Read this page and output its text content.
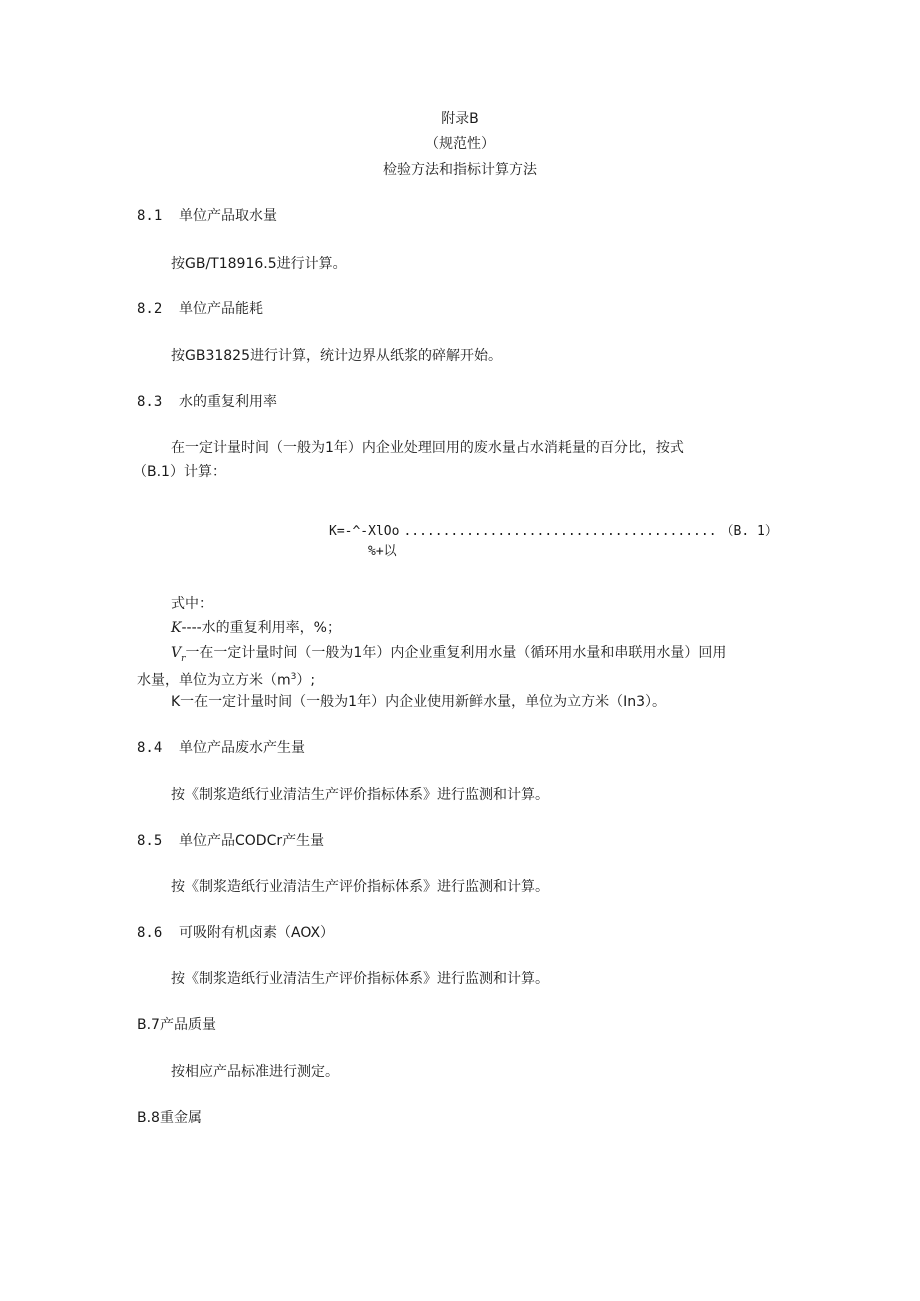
附录B
（规范性）
检验方法和指标计算方法
8.1 单位产品取水量
按GB/T18916.5进行计算。
8.2 单位产品能耗
按GB31825进行计算，统计边界从纸浆的碎解开始。
8.3 水的重复利用率
在一定计量时间（一般为1年）内企业处理回用的废水量占水消耗量的百分比，按式
（B.1）计算：
K=-^-XlOo ........................................ （B. 1）
%+以
式中：
K----水的重复利用率，%；
$V_r$一在一定计量时间（一般为1年）内企业重复利用水量（循环用水量和串联用水量）回用
水量，单位为立方米$(m^3)$;
K一在一定计量时间（一般为1年）内企业使用新鲜水量，单位为立方米（In3）。
8.4 单位产品废水产生量
按《制浆造纸行业清洁生产评价指标体系》进行监测和计算。
8.5 单位产品CODCr产生量
按《制浆造纸行业清洁生产评价指标体系》进行监测和计算。
8.6 可吸附有机卤素（AOX）
按《制浆造纸行业清洁生产评价指标体系》进行监测和计算。
B.7产品质量
按相应产品标准进行测定。
B.8重金属
